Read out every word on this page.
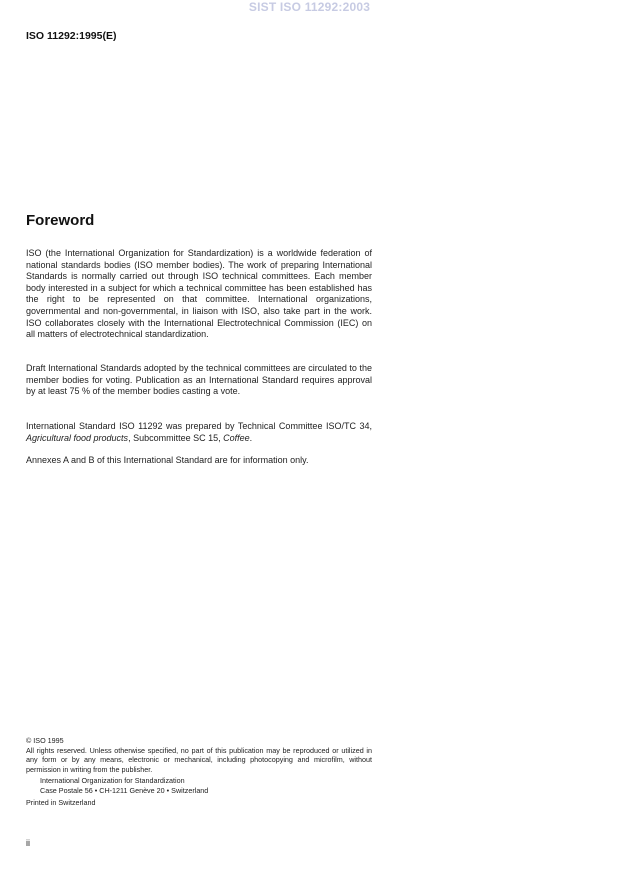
SIST ISO 11292:2003
ISO 11292:1995(E)
Foreword

ISO (the International Organization for Standardization) is a worldwide federation of national standards bodies (ISO member bodies). The work of preparing International Standards is normally carried out through ISO technical committees. Each member body interested in a subject for which a technical committee has been established has the right to be represented on that committee. International organizations, governmental and non-governmental, in liaison with ISO, also take part in the work. ISO collaborates closely with the International Electrotechnical Commission (IEC) on all matters of electrotechnical standardization.

Draft International Standards adopted by the technical committees are circulated to the member bodies for voting. Publication as an International Standard requires approval by at least 75 % of the member bodies casting a vote.

International Standard ISO 11292 was prepared by Technical Committee ISO/TC 34, Agricultural food products, Subcommittee SC 15, Coffee.

Annexes A and B of this International Standard are for information only.

© ISO 1995
All rights reserved. Unless otherwise specified, no part of this publication may be reproduced or utilized in any form or by any means, electronic or mechanical, including photocopying and microfilm, without permission in writing from the publisher.
International Organization for Standardization
Case Postale 56 • CH-1211 Genève 20 • Switzerland
Printed in Switzerland
ii
